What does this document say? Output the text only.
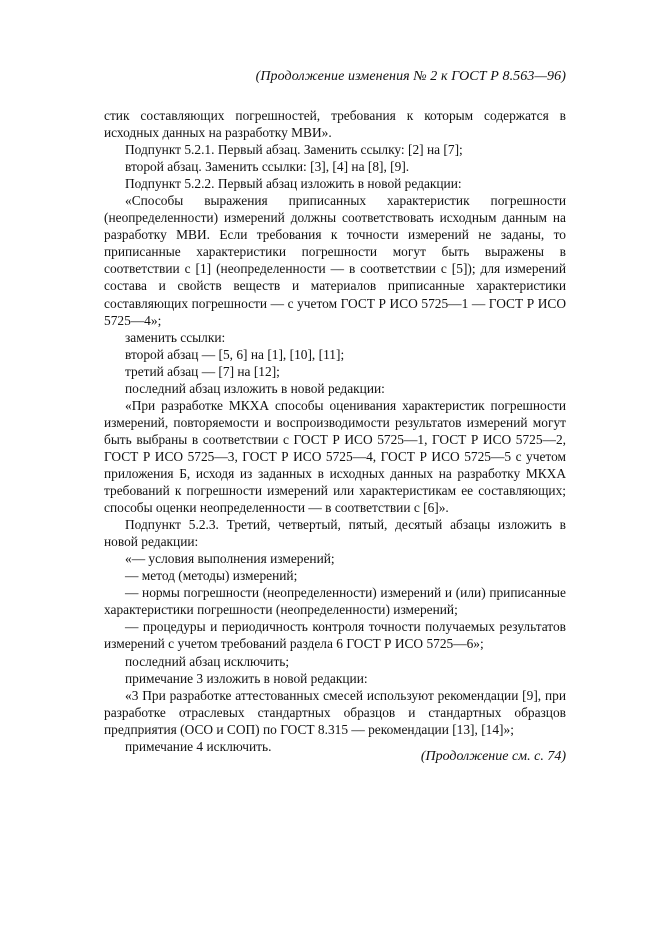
(Продолжение изменения № 2 к ГОСТ Р 8.563—96)

стик составляющих погрешностей, требования к которым содержатся в исходных данных на разработку МВИ».

Подпункт 5.2.1. Первый абзац. Заменить ссылку: [2] на [7];

второй абзац. Заменить ссылки: [3], [4] на [8], [9].

Подпункт 5.2.2. Первый абзац изложить в новой редакции:

«Способы выражения приписанных характеристик погрешности (неопределенности) измерений должны соответствовать исходным данным на разработку МВИ. Если требования к точности измерений не заданы, то приписанные характеристики погрешности могут быть выражены в соответствии с [1] (неопределенности — в соответствии с [5]); для измерений состава и свойств веществ и материалов приписанные характеристики составляющих погрешности — с учетом ГОСТ Р ИСО 5725—1 — ГОСТ Р ИСО 5725—4»;

заменить ссылки:

второй абзац — [5, 6] на [1], [10], [11];

третий абзац — [7] на [12];

последний абзац изложить в новой редакции:

«При разработке МКХА способы оценивания характеристик погрешности измерений, повторяемости и воспроизводимости результатов измерений могут быть выбраны в соответствии с ГОСТ Р ИСО 5725—1, ГОСТ Р ИСО 5725—2, ГОСТ Р ИСО 5725—3, ГОСТ Р ИСО 5725—4, ГОСТ Р ИСО 5725—5 с учетом приложения Б, исходя из заданных в исходных данных на разработку МКХА требований к погрешности измерений или характеристикам ее составляющих; способы оценки неопределенности — в соответствии с [6]».

Подпункт 5.2.3. Третий, четвертый, пятый, десятый абзацы изложить в новой редакции:

«— условия выполнения измерений;

— метод (методы) измерений;

— нормы погрешности (неопределенности) измерений и (или) приписанные характеристики погрешности (неопределенности) измерений;

— процедуры и периодичность контроля точности получаемых результатов измерений с учетом требований раздела 6 ГОСТ Р ИСО 5725—6»;

последний абзац исключить;

примечание 3 изложить в новой редакции:

«3 При разработке аттестованных смесей используют рекомендации [9], при разработке отраслевых стандартных образцов и стандартных образцов предприятия (ОСО и СОП) по ГОСТ 8.315 — рекомендации [13], [14]»;

примечание 4 исключить.

(Продолжение см. с. 74)
